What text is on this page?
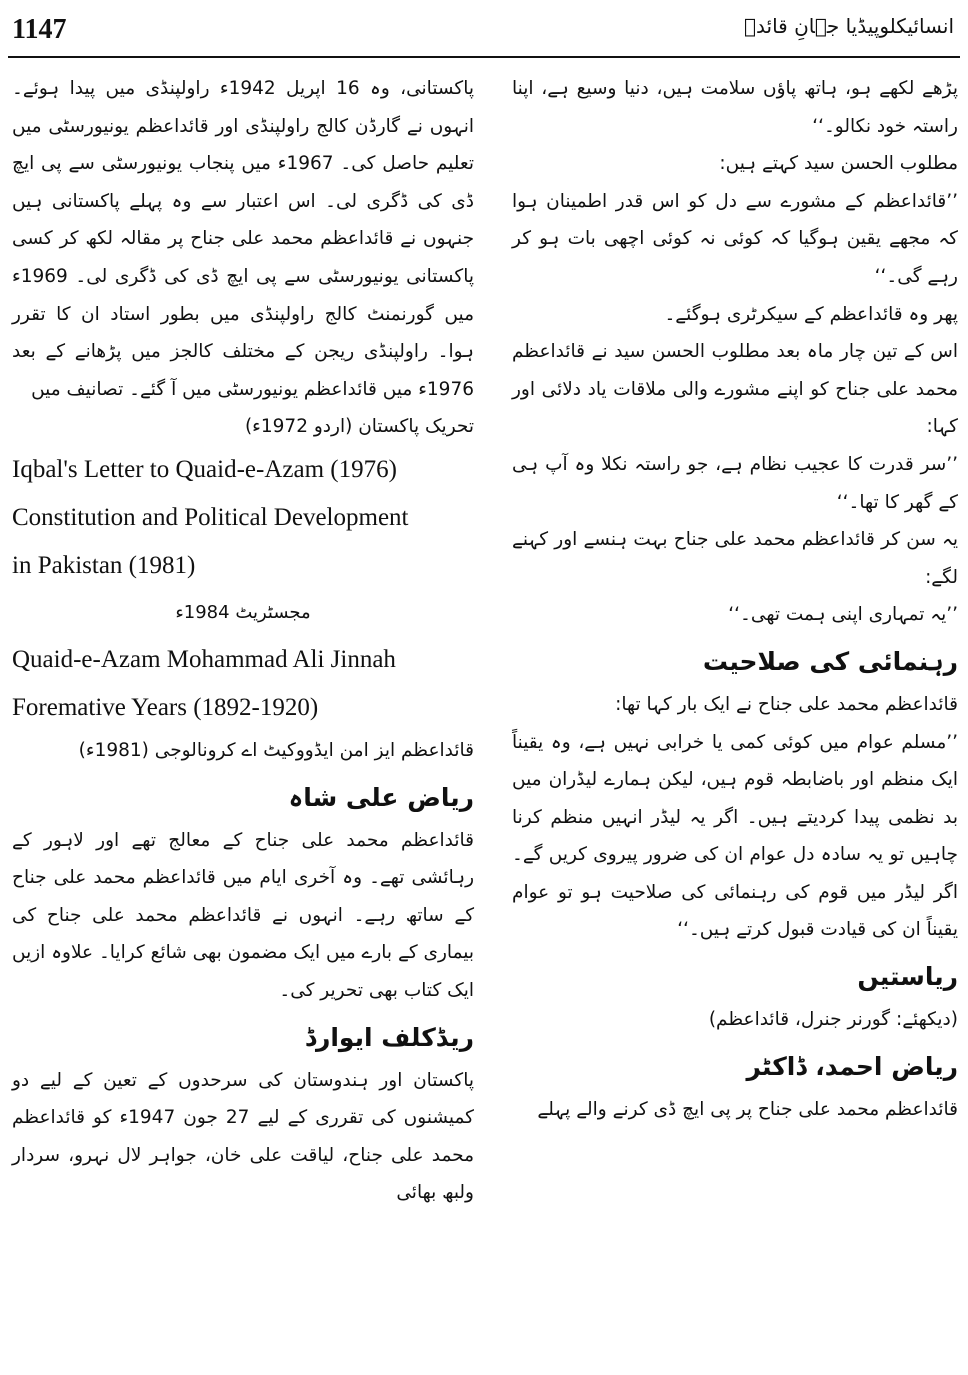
1147	انسائیکلوپیڈیا جہانِ قائدؒ

پڑھے لکھے ہو، ہاتھ پاؤں سلامت ہیں، دنیا وسیع ہے، اپنا راستہ خود نکالو۔‘‘

مطلوب الحسن سید کہتے ہیں:

’’قائداعظم کے مشورے سے دل کو اس قدر اطمینان ہوا کہ مجھے یقین ہوگیا کہ کوئی نہ کوئی اچھی بات ہو کر رہے گی۔‘‘

پھر وہ قائداعظم کے سیکرٹری ہوگئے۔

اس کے تین چار ماہ بعد مطلوب الحسن سید نے قائداعظم محمد علی جناح کو اپنے مشورے والی ملاقات یاد دلائی اور کہا:

’’سر قدرت کا عجیب نظام ہے، جو راستہ نکلا وہ آپ ہی کے گھر کا تھا۔‘‘

یہ سن کر قائداعظم محمد علی جناح بہت ہنسے اور کہنے لگے:

’’یہ تمہاری اپنی ہمت تھی۔‘‘

رہنمائی کی صلاحیت

قائداعظم محمد علی جناح نے ایک بار کہا تھا:

’’مسلم عوام میں کوئی کمی یا خرابی نہیں ہے، وہ یقیناً ایک منظم اور باضابطہ قوم ہیں، لیکن ہمارے لیڈران میں بد نظمی پیدا کردیتے ہیں۔ اگر یہ لیڈر انہیں منظم کرنا چاہیں تو یہ سادہ دل عوام ان کی ضرور پیروی کریں گے۔ اگر لیڈر میں قوم کی رہنمائی کی صلاحیت ہو تو عوام یقیناً ان کی قیادت قبول کرتے ہیں۔‘‘

ریاستیں

(دیکھئے: گورنر جنرل، قائداعظم)

ریاض احمد، ڈاکٹر

قائداعظم محمد علی جناح پر پی ایچ ڈی کرنے والے پہلے

پاکستانی، وہ 16 اپریل 1942ء راولپنڈی میں پیدا ہوئے۔ انہوں نے گارڈن کالج راولپنڈی اور قائداعظم یونیورسٹی میں تعلیم حاصل کی۔ 1967ء میں پنجاب یونیورسٹی سے پی ایچ ڈی کی ڈگری لی۔ اس اعتبار سے وہ پہلے پاکستانی ہیں جنہوں نے قائداعظم محمد علی جناح پر مقالہ لکھ کر کسی پاکستانی یونیورسٹی سے پی ایچ ڈی کی ڈگری لی۔ 1969ء میں گورنمنٹ کالج راولپنڈی میں بطور استاد ان کا تقرر ہوا۔ راولپنڈی ریجن کے مختلف کالجز میں پڑھانے کے بعد 1976ء میں قائداعظم یونیورسٹی میں آ گئے۔ تصانیف میں

تحریک پاکستان (اردو 1972ء)

Iqbal's Letter to Quaid-e-Azam (1976)

Constitution and Political Development

in Pakistan (1981)

مجسٹریٹ 1984ء

Quaid-e-Azam Mohammad Ali Jinnah

Foremative Years (1892-1920)

قائداعظم ایز امن ایڈووکیٹ اے کرونالوجی (1981ء)

ریاض علی شاہ

قائداعظم محمد علی جناح کے معالج تھے اور لاہور کے رہائشی تھے۔ وہ آخری ایام میں قائداعظم محمد علی جناح کے ساتھ رہے۔ انہوں نے قائداعظم محمد علی جناح کی بیماری کے بارے میں ایک مضمون بھی شائع کرایا۔ علاوہ ازیں ایک کتاب بھی تحریر کی۔

ریڈکلف ایوارڈ

پاکستان اور ہندوستان کی سرحدوں کے تعین کے لیے دو کمیشنوں کی تقرری کے لیے 27 جون 1947ء کو قائداعظم محمد علی جناح، لیاقت علی خان، جواہر لال نہرو، سردار ولبھ بھائی
